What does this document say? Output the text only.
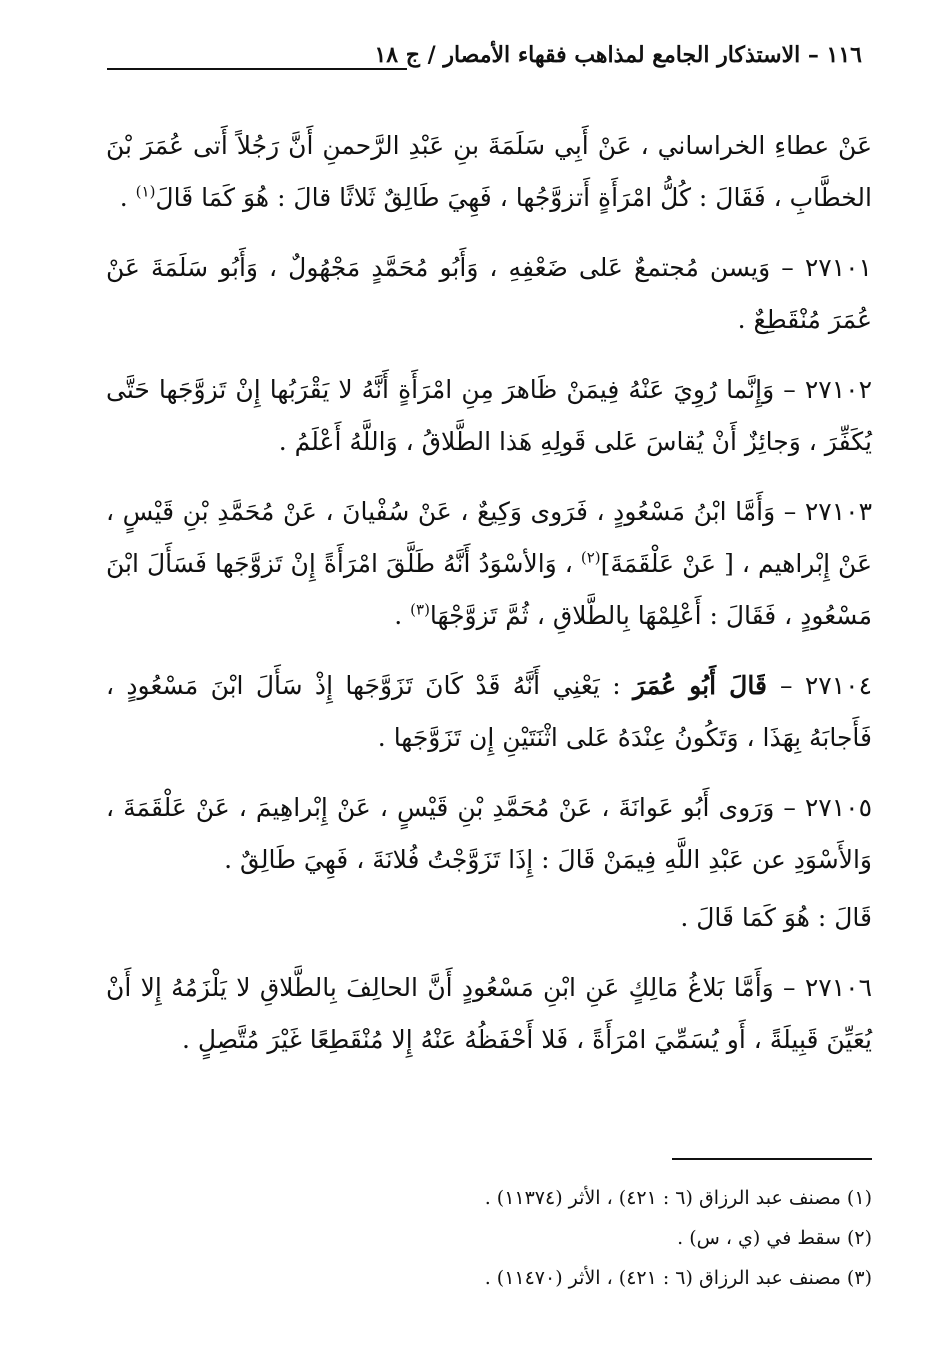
١١٦ – الاستذكار الجامع لمذاهب فقهاء الأمصار / ج ١٨

عَنْ عطاءِ الخراساني ، عَنْ أَبِي سَلَمَةَ بنِ عَبْدِ الرَّحمنِ أَنَّ رَجُلاً أَتى عُمَرَ بْنَ الخطَّابِ ، فَقَالَ : كُلُّ امْرَأَةٍ أَتزوَّجُها ، فَهِيَ طَالِقٌ ثَلاثًا قالَ : هُوَ كَمَا قَالَ$^{(١)}$ .

٢٧١٠١ – وَيسن مُجتمعٌ عَلى ضَعْفِهِ ، وَأَبُو مُحَمَّدٍ مَجْهُولٌ ، وَأَبُو سَلَمَةَ عَنْ عُمَرَ مُنْقَطِعٌ .

٢٧١٠٢ – وَإِنَّما رُوِيَ عَنْهُ فِيمَنْ ظَاهرَ مِنِ امْرَأَةٍ أَنَّهُ لا يَقْرَبُها إِنْ تَزوَّجَها حَتَّى يُكَفِّرَ ، وَجائِزٌ أَنْ يُقاسَ عَلى قَولِهِ هَذا الطَّلاقُ ، وَاللَّهُ أَعْلَمُ .

٢٧١٠٣ – وَأَمَّا ابْنُ مَسْعُودٍ ، فَرَوى وَكِيعٌ ، عَنْ سُفْيانَ ، عَنْ مُحَمَّدِ بْنِ قَيْسٍ ، عَنْ إِبْراهيم ، [ عَنْ عَلْقَمَةَ]$^{(٢)}$ ، وَالأسْوَدُ أَنَّهُ طَلَّقَ امْرَأَةً إِنْ تَزوَّجَها فَسَأَلَ ابْنَ مَسْعُودٍ ، فَقَالَ : أَعْلِمْهَا بِالطَّلاقِ ، ثُمَّ تَزوَّجْهَا$^{(٣)}$ .

٢٧١٠٤ – قَالَ أَبُو عُمَرَ : يَعْنِي أَنَّهُ قَدْ كَانَ تَزَوَّجَها إِذْ سَأَلَ ابْنَ مَسْعُودٍ ، فَأَجابَهُ بِهَذَا ، وَتَكُونُ عِنْدَهُ عَلى اثْنَتَيْنِ إِن تَزَوَّجَها .

٢٧١٠٥ – وَرَوى أَبُو عَوانَةَ ، عَنْ مُحَمَّدِ بْنِ قَيْسٍ ، عَنْ إِبْراهِيمَ ، عَنْ عَلْقَمَةَ ، وَالأَسْوَدِ عن عَبْدِ اللَّهِ فِيمَنْ قَالَ : إِذَا تَزَوَّجْتُ فُلانَةَ ، فَهِيَ طَالِقٌ .

قَالَ : هُوَ كَمَا قَالَ .

٢٧١٠٦ – وَأَمَّا بَلاغُ مَالِكٍ عَنِ ابْنِ مَسْعُودٍ أَنَّ الحالِفَ بِالطَّلاقِ لا يَلْزَمُهُ إِلا أَنْ يُعَيِّنَ قَبِيلَةً ، أَو يُسَمِّيَ امْرَأَةً ، فَلا أَحْفَظُهُ عَنْهُ إِلا مُنْقَطِعًا غَيْرَ مُتَّصِلٍ .

(١) مصنف عبد الرزاق (٦ : ٤٢١) ، الأثر (١١٣٧٤) .

(٢) سقط في (ي ، س) .

(٣) مصنف عبد الرزاق (٦ : ٤٢١) ، الأثر (١١٤٧٠) .
